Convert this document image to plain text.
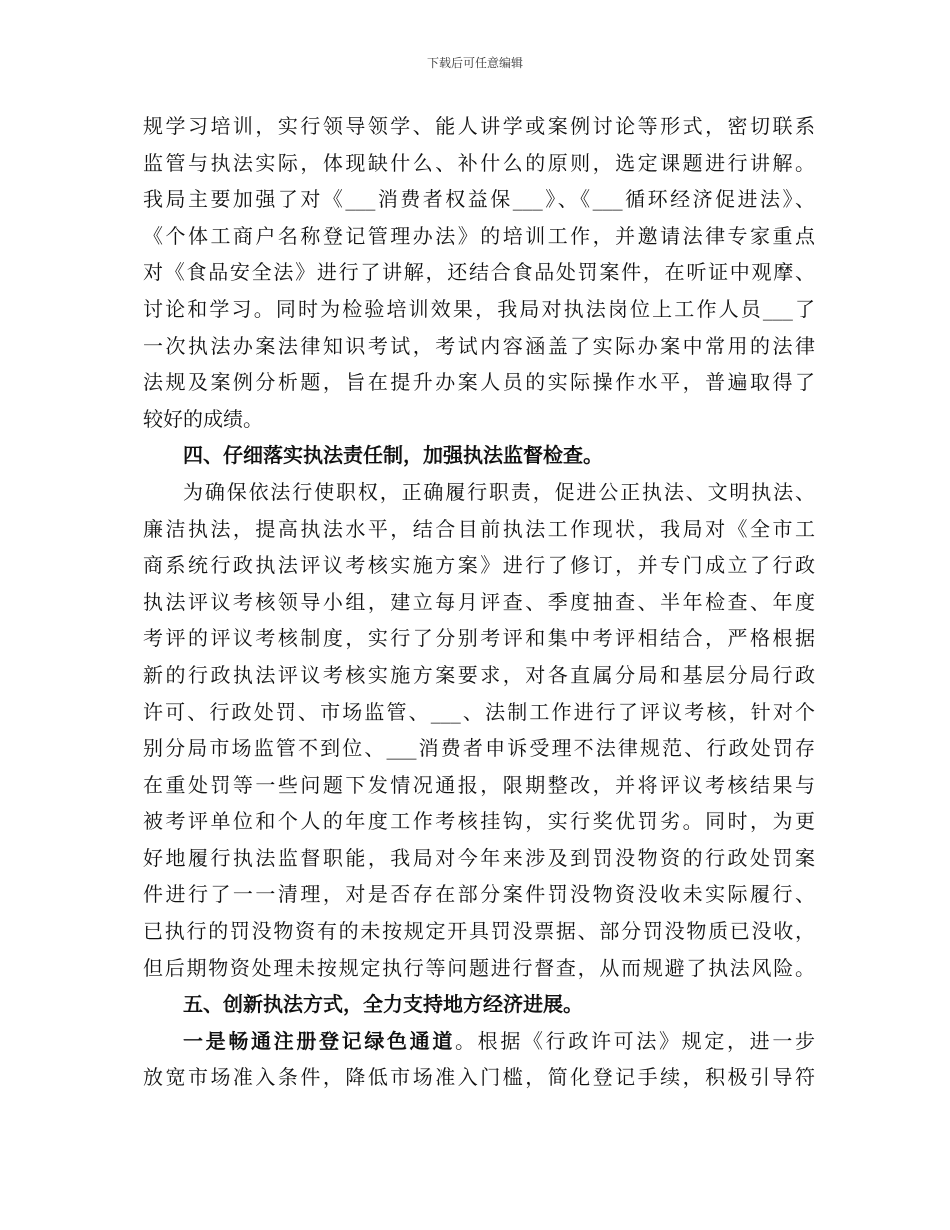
下载后可任意编辑
规学习培训，实行领导领学、能人讲学或案例讨论等形式，密切联系
监管与执法实际，体现缺什么、补什么的原则，选定课题进行讲解。
我局主要加强了对《___消费者权益保___》、《___循环经济促进法》、
《个体工商户名称登记管理办法》的培训工作，并邀请法律专家重点
对《食品安全法》进行了讲解，还结合食品处罚案件，在听证中观摩、
讨论和学习。同时为检验培训效果，我局对执法岗位上工作人员___了
一次执法办案法律知识考试，考试内容涵盖了实际办案中常用的法律
法规及案例分析题，旨在提升办案人员的实际操作水平，普遍取得了
较好的成绩。
四、仔细落实执法责任制，加强执法监督检查。
为确保依法行使职权，正确履行职责，促进公正执法、文明执法、
廉洁执法，提高执法水平，结合目前执法工作现状，我局对《全市工
商系统行政执法评议考核实施方案》进行了修订，并专门成立了行政
执法评议考核领导小组，建立每月评查、季度抽查、半年检查、年度
考评的评议考核制度，实行了分别考评和集中考评相结合，严格根据
新的行政执法评议考核实施方案要求，对各直属分局和基层分局行政
许可、行政处罚、市场监管、___、法制工作进行了评议考核，针对个
别分局市场监管不到位、___消费者申诉受理不法律规范、行政处罚存
在重处罚等一些问题下发情况通报，限期整改，并将评议考核结果与
被考评单位和个人的年度工作考核挂钩，实行奖优罚劣。同时，为更
好地履行执法监督职能，我局对今年来涉及到罚没物资的行政处罚案
件进行了一一清理，对是否存在部分案件罚没物资没收未实际履行、
已执行的罚没物资有的未按规定开具罚没票据、部分罚没物质已没收，
但后期物资处理未按规定执行等问题进行督查，从而规避了执法风险。
五、创新执法方式，全力支持地方经济进展。
一是畅通注册登记绿色通道。根据《行政许可法》规定，进一步
放宽市场准入条件，降低市场准入门槛，简化登记手续，积极引导符
